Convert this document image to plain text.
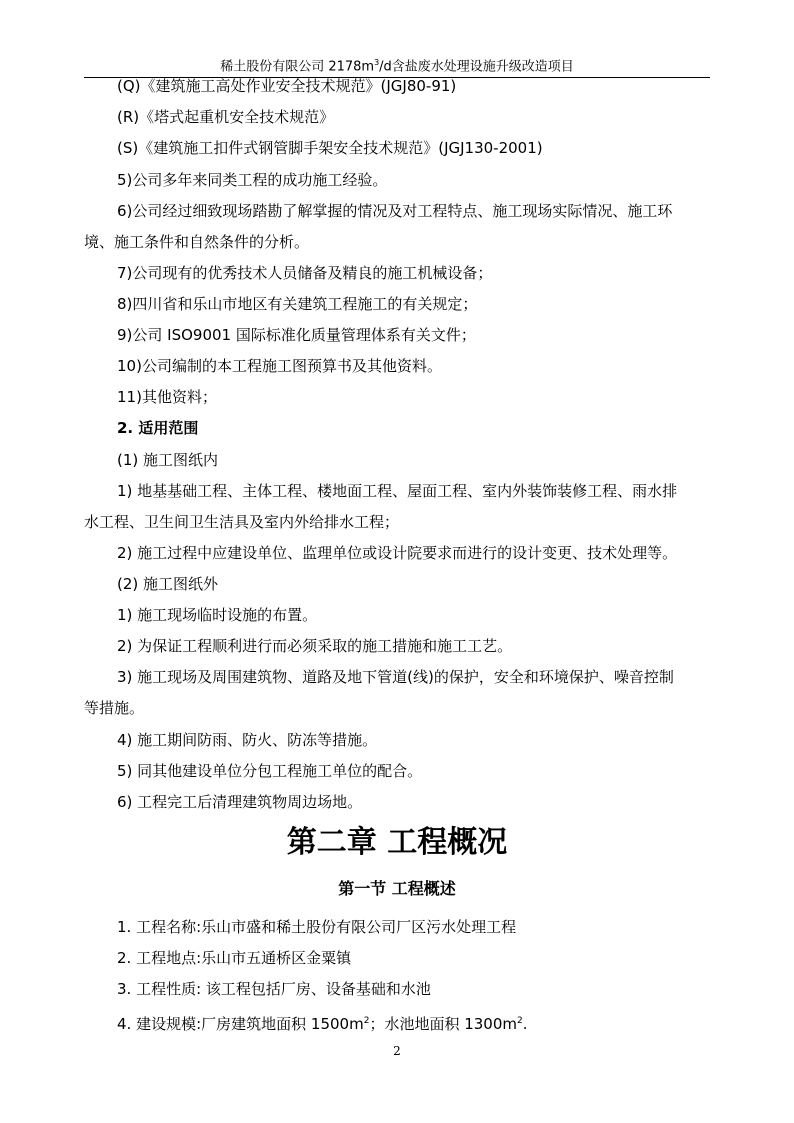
稀土股份有限公司 $2178m^3/d$含盐废水处理设施升级改造项目
(Q)《建筑施工高处作业安全技术规范》(JGJ80-91)
(R)《塔式起重机安全技术规范》
(S)《建筑施工扣件式钢管脚手架安全技术规范》(JGJ130-2001)
5)公司多年来同类工程的成功施工经验。
6)公司经过细致现场踏勘了解掌握的情况及对工程特点、施工现场实际情况、施工环
境、施工条件和自然条件的分析。
7)公司现有的优秀技术人员储备及精良的施工机械设备；
8)四川省和乐山市地区有关建筑工程施工的有关规定；
9)公司 ISO9001 国际标准化质量管理体系有关文件；
10)公司编制的本工程施工图预算书及其他资料。
11)其他资料；
2. 适用范围
(1) 施工图纸内
1) 地基基础工程、主体工程、楼地面工程、屋面工程、室内外装饰装修工程、雨水排
水工程、卫生间卫生洁具及室内外给排水工程；
2) 施工过程中应建设单位、监理单位或设计院要求而进行的设计变更、技术处理等。
(2) 施工图纸外
1) 施工现场临时设施的布置。
2) 为保证工程顺利进行而必须采取的施工措施和施工工艺。
3) 施工现场及周围建筑物、道路及地下管道(线)的保护，安全和环境保护、噪音控制
等措施。
4) 施工期间防雨、防火、防冻等措施。
5) 同其他建设单位分包工程施工单位的配合。
6) 工程完工后清理建筑物周边场地。
第二章 工程概况
第一节 工程概述
1. 工程名称:乐山市盛和稀土股份有限公司厂区污水处理工程
2. 工程地点:乐山市五通桥区金粟镇
3. 工程性质: 该工程包括厂房、设备基础和水池
4. 建设规模:厂房建筑地面积 $1500m^2$；水池地面积 $1300m^2$.
2
